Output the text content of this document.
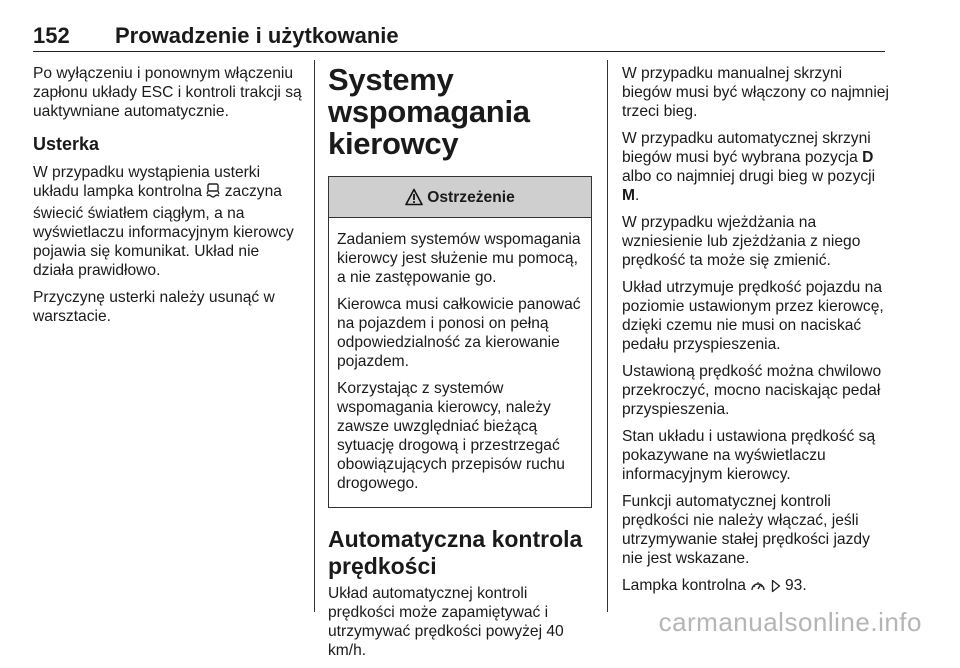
152 Prowadzenie i użytkowanie

Po wyłączeniu i ponownym włączeniu zapłonu układy ESC i kontroli trakcji są uaktywniane automatycznie.

Usterka

W przypadku wystąpienia usterki układu lampka kontrolna zaczyna świecić światłem ciągłym, a na wyświetlaczu informacyjnym kierowcy pojawia się komunikat. Układ nie działa prawidłowo.

Przyczynę usterki należy usunąć w warsztacie.

Systemy wspomagania kierowcy
Ostrzeżenie

Zadaniem systemów wspomagania kierowcy jest służenie mu pomocą, a nie zastępowanie go.

Kierowca musi całkowicie panować na pojazdem i ponosi on pełną odpowiedzialność za kierowanie pojazdem.

Korzystając z systemów wspomagania kierowcy, należy zawsze uwzględniać bieżącą sytuację drogową i przestrzegać obowiązujących przepisów ruchu drogowego.

Automatyczna kontrola prędkości

Układ automatycznej kontroli prędkości może zapamiętywać i utrzymywać prędkości powyżej 40 km/h.

W przypadku manualnej skrzyni biegów musi być włączony co najmniej trzeci bieg.

W przypadku automatycznej skrzyni biegów musi być wybrana pozycja D albo co najmniej drugi bieg w pozycji M.

W przypadku wjeżdżania na wzniesienie lub zjeżdżania z niego prędkość ta może się zmienić.

Układ utrzymuje prędkość pojazdu na poziomie ustawionym przez kierowcę, dzięki czemu nie musi on naciskać pedału przyspieszenia.

Ustawioną prędkość można chwilowo przekroczyć, mocno naciskając pedał przyspieszenia.

Stan układu i ustawiona prędkość są pokazywane na wyświetlaczu informacyjnym kierowcy.

Funkcji automatycznej kontroli prędkości nie należy włączać, jeśli utrzymywanie stałej prędkości jazdy nie jest wskazane.

Lampka kontrolna	93.

carmanualsonline.info
